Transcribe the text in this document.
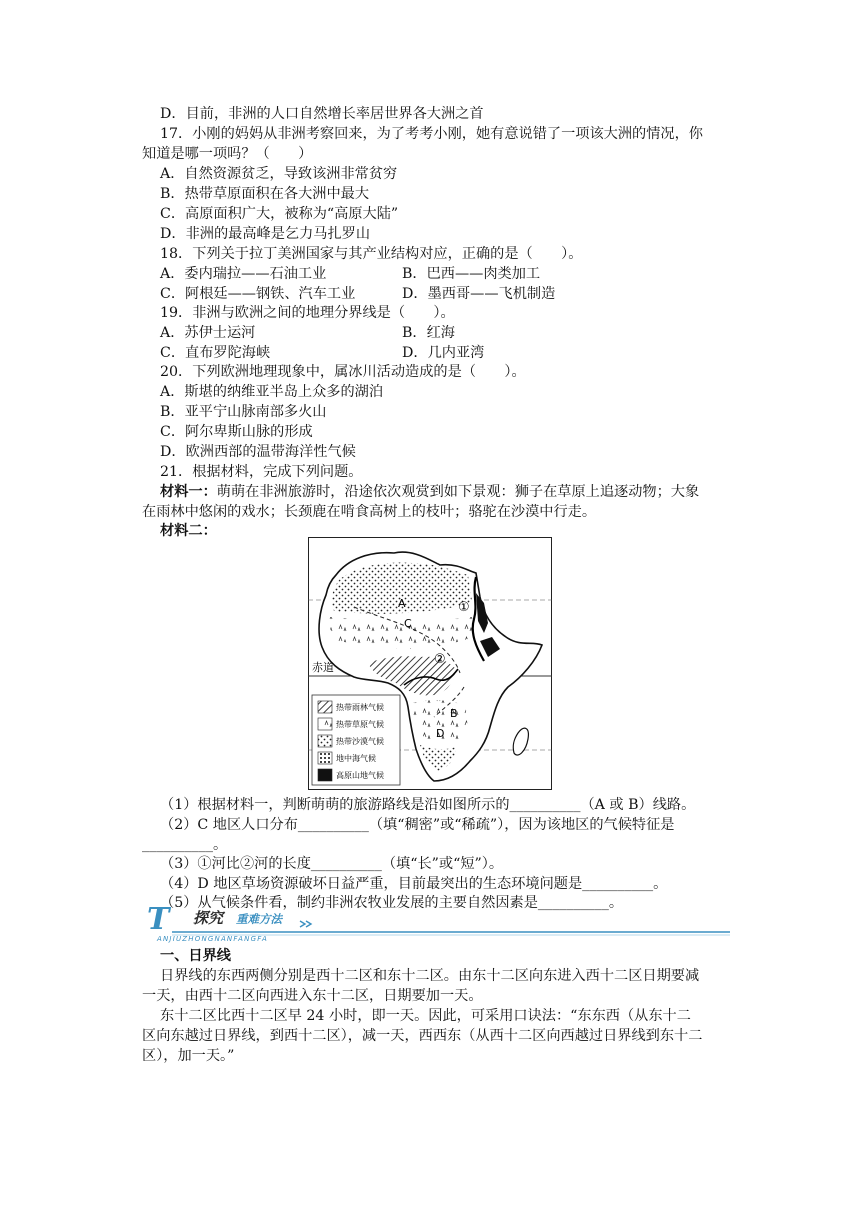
D．目前，非洲的人口自然增长率居世界各大洲之首
17．小刚的妈妈从非洲考察回来，为了考考小刚，她有意说错了一项该大洲的情况，你
知道是哪一项吗？（　　）
A．自然资源贫乏，导致该洲非常贫穷
B．热带草原面积在各大洲中最大
C．高原面积广大，被称为“高原大陆”
D．非洲的最高峰是乞力马扎罗山
18．下列关于拉丁美洲国家与其产业结构对应，正确的是（　　）。
A．委内瑞拉——石油工业	B．巴西——肉类加工
C．阿根廷——钢铁、汽车工业	D．墨西哥——飞机制造
19．非洲与欧洲之间的地理分界线是（　　）。
A．苏伊士运河	B．红海
C．直布罗陀海峡	D．几内亚湾
20．下列欧洲地理现象中，属冰川活动造成的是（　　）。
A．斯堪的纳维亚半岛上众多的湖泊
B．亚平宁山脉南部多火山
C．阿尔卑斯山脉的形成
D．欧洲西部的温带海洋性气候
21．根据材料，完成下列问题。
材料一：萌萌在非洲旅游时，沿途依次观赏到如下景观：狮子在草原上追逐动物；大象
在雨林中悠闲的戏水；长颈鹿在啃食高树上的枝叶；骆驼在沙漠中行走。
材料二：
A	①
C
②
赤道
B
D
热带雨林气候
热带草原气候
热带沙漠气候
地中海气候
高原山地气候
（1）根据材料一，判断萌萌的旅游路线是沿如图所示的__________（A 或 B）线路。
（2）C 地区人口分布__________（填“稠密”或“稀疏”），因为该地区的气候特征是
__________。
（3）①河比②河的长度__________（填“长”或“短”）。
（4）D 地区草场资源破坏日益严重，目前最突出的生态环境问题是__________。
（5）从气候条件看，制约非洲农牧业发展的主要自然因素是__________。
T 探究 重难方法
ANJIUZHONGNANFANGFA
一、日界线
日界线的东西两侧分别是西十二区和东十二区。由东十二区向东进入西十二区日期要减
一天，由西十二区向西进入东十二区，日期要加一天。
东十二区比西十二区早 24 小时，即一天。因此，可采用口诀法：“东东西（从东十二
区向东越过日界线，到西十二区），减一天，西西东（从西十二区向西越过日界线到东十二
区），加一天。”
